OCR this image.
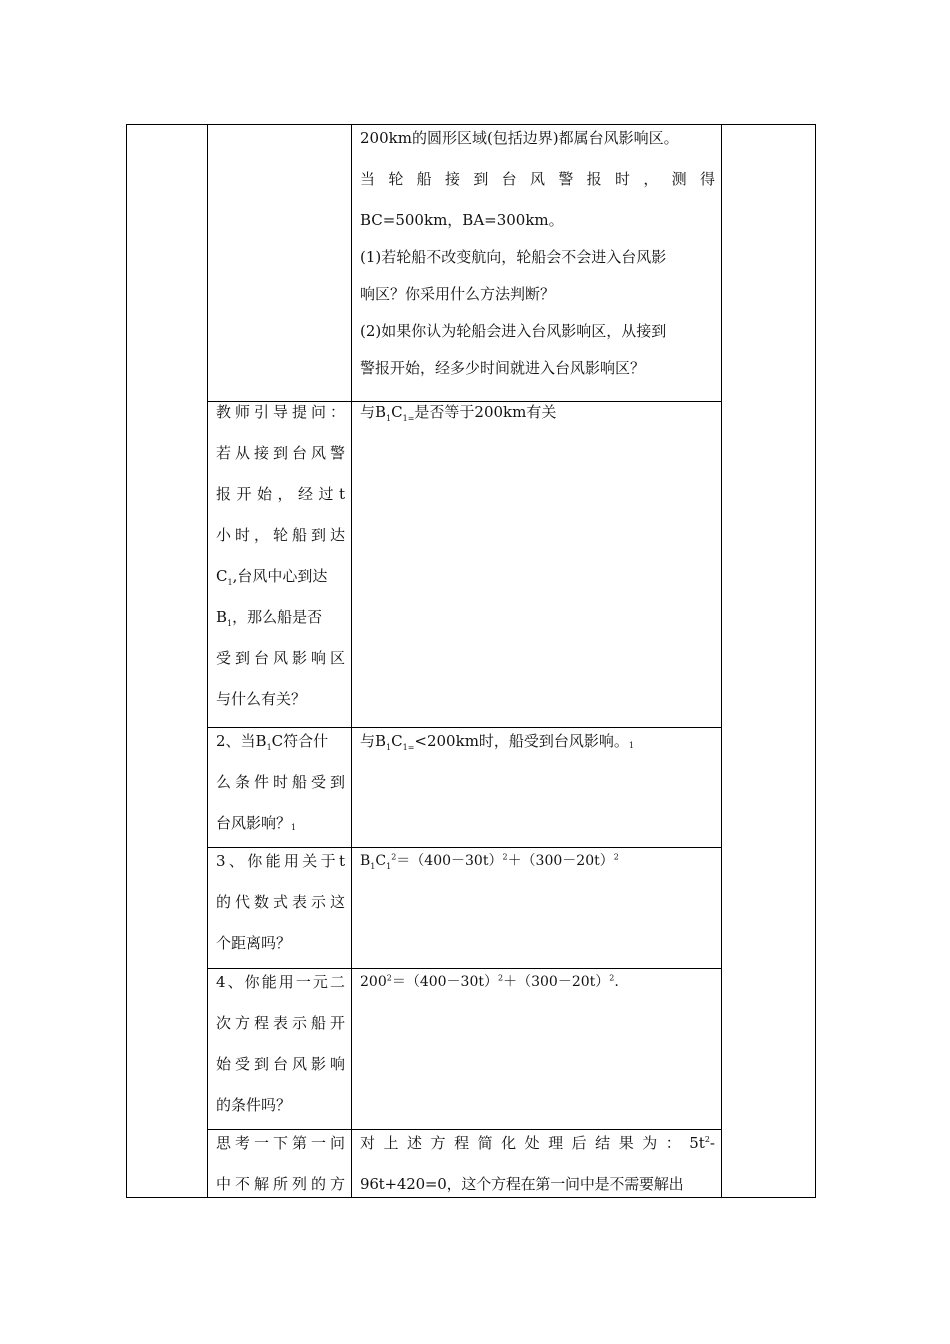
200km的圆形区域(包括边界)都属台风影响区。

当轮船接到台风警报时，测得

BC=500km，BA=300km。

(1)若轮船不改变航向，轮船会不会进入台风影

响区？你采用什么方法判断？

(2)如果你认为轮船会进入台风影响区，从接到

警报开始，经多少时间就进入台风影响区？

教师引导提问：

若从接到台风警

报开始，经过t

小时，轮船到达

$C_1$,台风中心到达

$B_1$，那么船是否

受到台风影响区

与什么有关？

与$B_1C_{1=}$是否等于200km有关

2、当$B_1C$符合什

么条件时船受到

台风影响？1

与$B_1C_{1=}<200km$时，船受到台风影响。1

3、你能用关于t

的代数式表示这

个距离吗？

$B_1C_1^2=(400-30t)^2+(300-20t)^2$

4、你能用一元二

次方程表示船开

始受到台风影响

的条件吗？

$200^2=(400-30t)^2+(300-20t)^2$.

思考一下第一问

中不解所列的方

对上述方程简化处理后结果为：$5t^2-$

96t+420=0，这个方程在第一问中是不需要解出
